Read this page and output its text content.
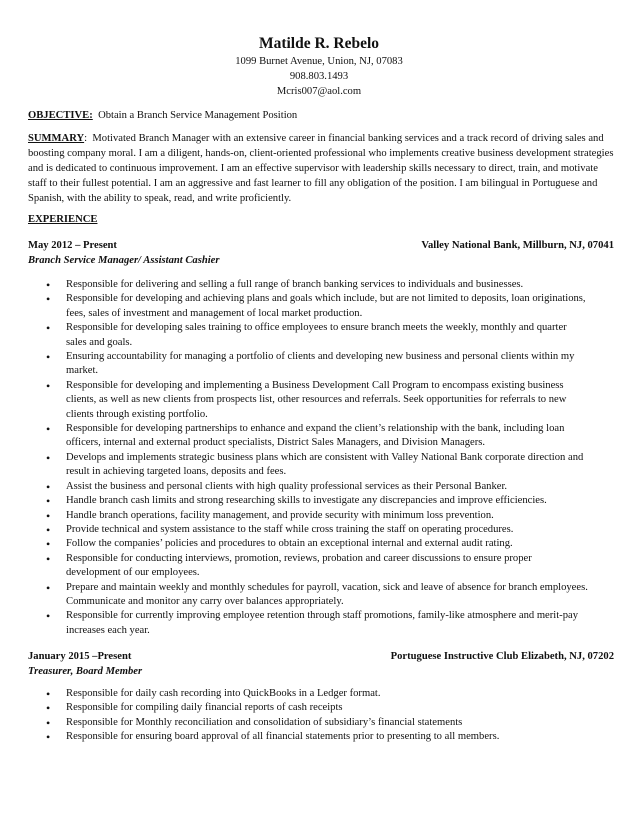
Matilde R. Rebelo
1099 Burnet Avenue, Union, NJ, 07083
908.803.1493
Mcris007@aol.com
OBJECTIVE: Obtain a Branch Service Management Position
SUMMARY: Motivated Branch Manager with an extensive career in financial banking services and a track record of driving sales and boosting company moral. I am a diligent, hands-on, client-oriented professional who implements creative business development strategies and is dedicated to continuous improvement. I am an effective supervisor with leadership skills necessary to direct, train, and motivate staff to their fullest potential. I am an aggressive and fast learner to fill any obligation of the position. I am bilingual in Portuguese and Spanish, with the ability to speak, read, and write proficiently.
EXPERIENCE
May 2012 – Present	Valley National Bank, Millburn, NJ, 07041
Branch Service Manager/ Assistant Cashier
• Responsible for delivering and selling a full range of branch banking services to individuals and businesses.
• Responsible for developing and achieving plans and goals which include, but are not limited to deposits, loan originations, fees, sales of investment and management of local market production.
• Responsible for developing sales training to office employees to ensure branch meets the weekly, monthly and quarter sales and goals.
• Ensuring accountability for managing a portfolio of clients and developing new business and personal clients within my market.
• Responsible for developing and implementing a Business Development Call Program to encompass existing business clients, as well as new clients from prospects list, other resources and referrals. Seek opportunities for referrals to new clients through existing portfolio.
• Responsible for developing partnerships to enhance and expand the client’s relationship with the bank, including loan officers, internal and external product specialists, District Sales Managers, and Division Managers.
• Develops and implements strategic business plans which are consistent with Valley National Bank corporate direction and result in achieving targeted loans, deposits and fees.
• Assist the business and personal clients with high quality professional services as their Personal Banker.
• Handle branch cash limits and strong researching skills to investigate any discrepancies and improve efficiencies.
• Handle branch operations, facility management, and provide security with minimum loss prevention.
• Provide technical and system assistance to the staff while cross training the staff on operating procedures.
• Follow the companies’ policies and procedures to obtain an exceptional internal and external audit rating.
• Responsible for conducting interviews, promotion, reviews, probation and career discussions to ensure proper development of our employees.
• Prepare and maintain weekly and monthly schedules for payroll, vacation, sick and leave of absence for branch employees. Communicate and monitor any carry over balances appropriately.
• Responsible for currently improving employee retention through staff promotions, family-like atmosphere and merit-pay increases each year.
January 2015 –Present	Portuguese Instructive Club Elizabeth, NJ, 07202
Treasurer, Board Member
• Responsible for daily cash recording into QuickBooks in a Ledger format.
• Responsible for compiling daily financial reports of cash receipts
• Responsible for Monthly reconciliation and consolidation of subsidiary’s financial statements
• Responsible for ensuring board approval of all financial statements prior to presenting to all members.
